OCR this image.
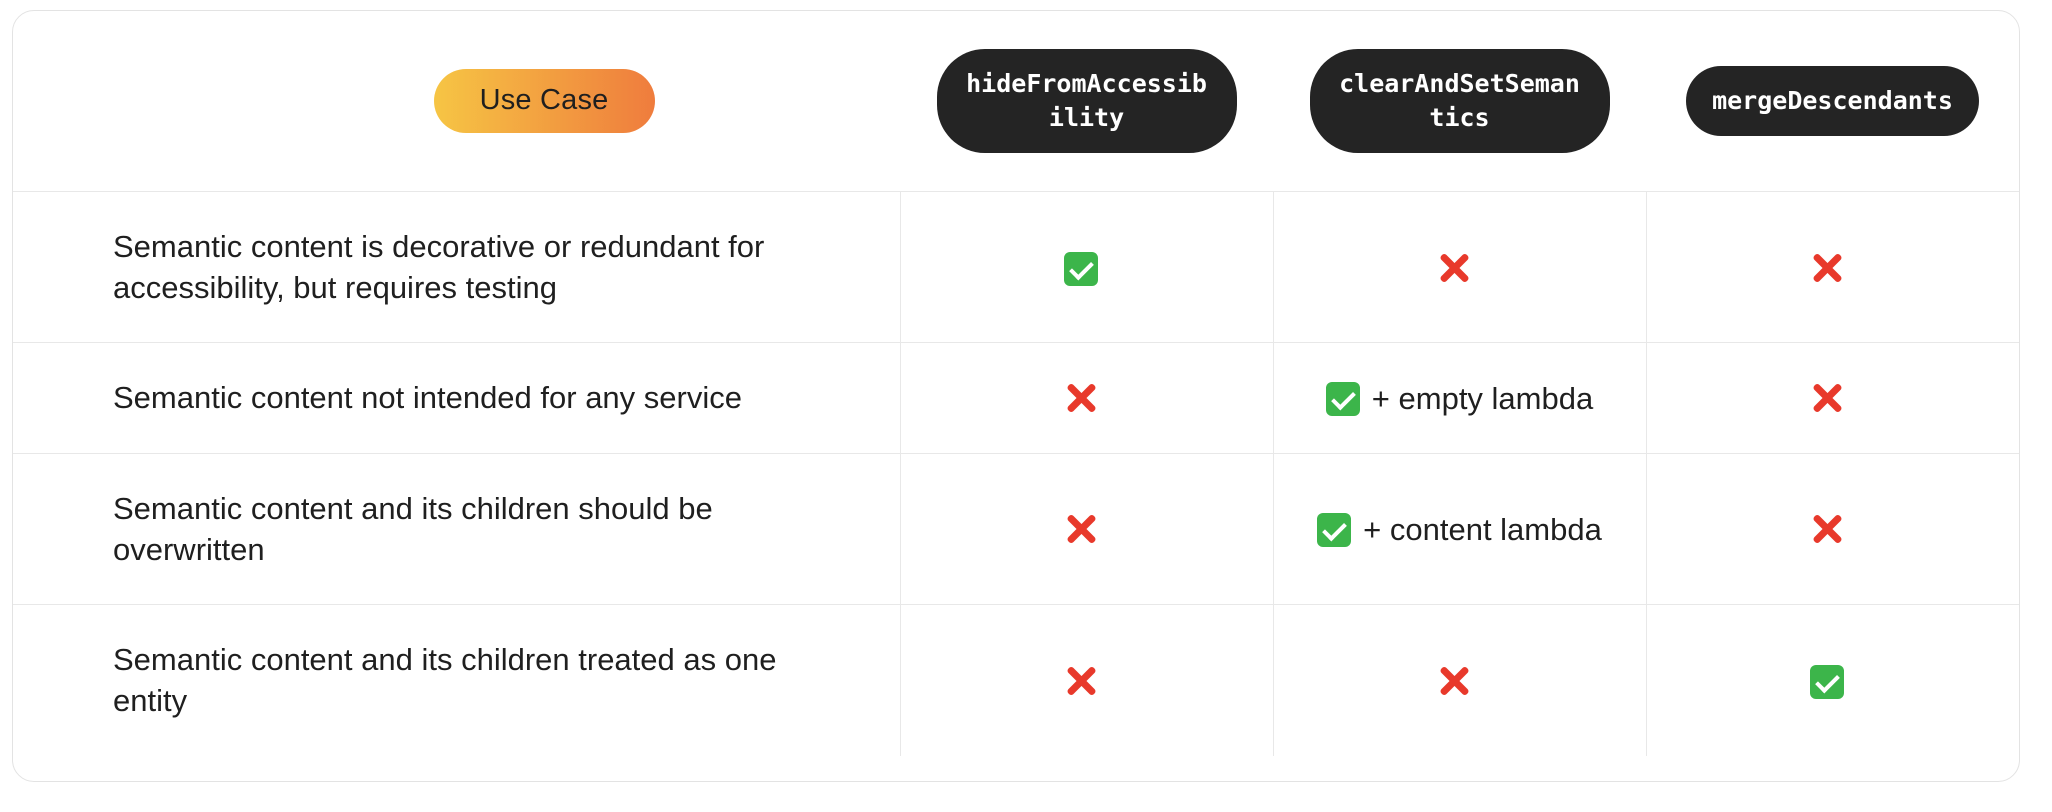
Use Case	hideFromAccessibility	clearAndSetSemantics	mergeDescendants
Semantic content is decorative or redundant for accessibility, but requires testing			
Semantic content not intended for any service		+ empty lambda	
Semantic content and its children should be overwritten		+ content lambda	
Semantic content and its children treated as one entity			
